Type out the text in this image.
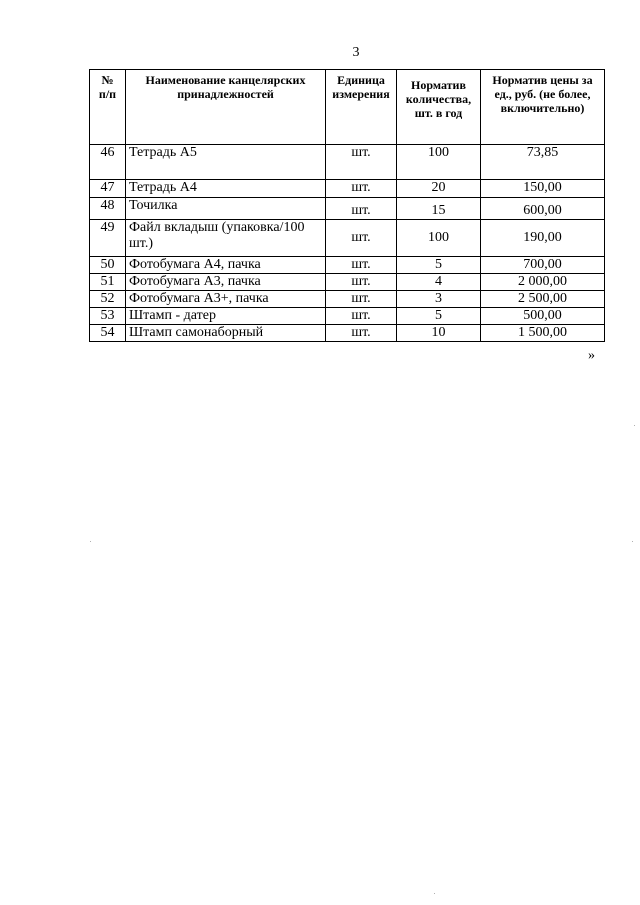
3
№
п/п	Наименование канцелярских принадлежностей	Единица измерения	Норматив количества, шт. в год	Норматив цены за ед., руб. (не более, включительно)
46	Тетрадь А5	шт.	100	73,85
47	Тетрадь А4	шт.	20	150,00
48	Точилка	шт.	15	600,00
49	Файл вкладыш (упаковка/100 шт.)	шт.	100	190,00
50	Фотобумага А4, пачка	шт.	5	700,00
51	Фотобумага А3, пачка	шт.	4	2 000,00
52	Фотобумага А3+, пачка	шт.	3	2 500,00
53	Штамп - датер	шт.	5	500,00
54	Штамп самонаборный	шт.	10	1 500,00
»
